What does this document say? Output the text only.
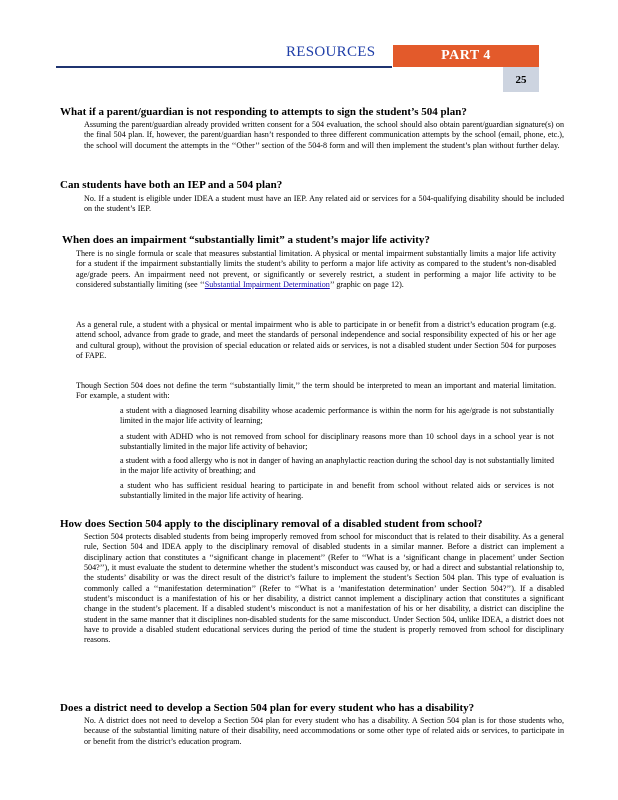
RESOURCES	PART 4
25
What if a parent/guardian is not responding to attempts to sign the student’s 504 plan?
Assuming the parent/guardian already provided written consent for a 504 evaluation, the school should also obtain parent/guardian signature(s) on the final 504 plan. If, however, the parent/guardian hasn’t responded to three different communication attempts by the school (email, phone, etc.), the school will document the attempts in the ‘‘Other’’ section of the 504-8 form and will then implement the student’s plan without further delay.
Can students have both an IEP and a 504 plan?
No. If a student is eligible under IDEA a student must have an IEP. Any related aid or services for a 504-qualifying disability should be included on the student’s IEP.
When does an impairment “substantially limit” a student’s major life activity?
There is no single formula or scale that measures substantial limitation. A physical or mental impairment substantially limits a major life activity for a student if the impairment substantially limits the student’s ability to perform a major life activity as compared to the student’s non-disabled age/grade peers. An impairment need not prevent, or significantly or severely restrict, a student in performing a major life activity to be considered substantially limiting (see ‘‘Substantial Impairment Determination’’ graphic on page 12).
As a general rule, a student with a physical or mental impairment who is able to participate in or benefit from a district’s education program (e.g. attend school, advance from grade to grade, and meet the standards of personal independence and social responsibility expected of his or her age and cultural group), without the provision of special education or related aids or services, is not a disabled student under Section 504 for purposes of FAPE.
Though Section 504 does not define the term ‘‘substantially limit,’’ the term should be interpreted to mean an important and material limitation. For example, a student with:
a student with a diagnosed learning disability whose academic performance is within the norm for his age/grade is not substantially limited in the major life activity of learning;
a student with ADHD who is not removed from school for disciplinary reasons more than 10 school days in a school year is not substantially limited in the major life activity of behavior;
a student with a food allergy who is not in danger of having an anaphylactic reaction during the school day is not substantially limited in the major life activity of breathing; and
a student who has sufficient residual hearing to participate in and benefit from school without related aids or services is not substantially limited in the major life activity of hearing.
How does Section 504 apply to the disciplinary removal of a disabled student from school?
Section 504 protects disabled students from being improperly removed from school for misconduct that is related to their disability. As a general rule, Section 504 and IDEA apply to the disciplinary removal of disabled students in a similar manner. Before a district can implement a disciplinary action that constitutes a ‘‘significant change in placement’’ (Refer to ‘‘What is a ‘significant change in placement’ under Section 504?’’), it must evaluate the student to determine whether the student’s misconduct was caused by, or had a direct and substantial relationship to, the students’ disability or was the direct result of the district’s failure to implement the student’s Section 504 plan. This type of evaluation is commonly called a ‘‘manifestation determination’’ (Refer to ‘‘What is a ‘manifestation determination’ under Section 504?’’). If a disabled student’s misconduct is a manifestation of his or her disability, a district cannot implement a disciplinary action that constitutes a significant change in the student’s placement. If a disabled student’s misconduct is not a manifestation of his or her disability, a district can discipline the student in the same manner that it disciplines non-disabled students for the same misconduct. Under Section 504, unlike IDEA, a district does not have to provide a disabled student educational services during the period of time the student is properly removed from school for disciplinary reasons.
Does a district need to develop a Section 504 plan for every student who has a disability?
No. A district does not need to develop a Section 504 plan for every student who has a disability. A Section 504 plan is for those students who, because of the substantial limiting nature of their disability, need accommodations or some other type of related aids or services, to participate in or benefit from the district’s education program.
